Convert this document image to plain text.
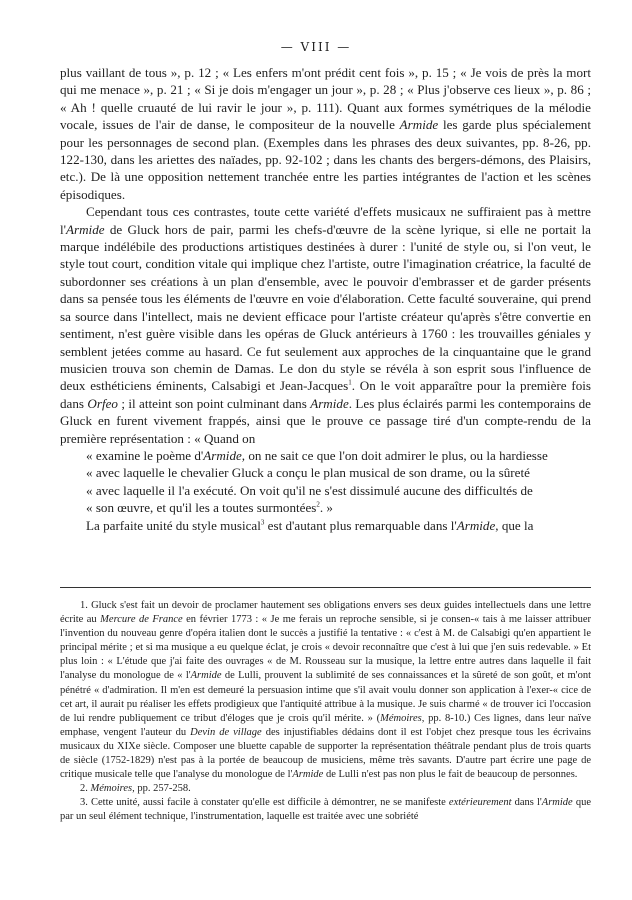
— VIII —

plus vaillant de tous », p. 12 ; « Les enfers m'ont prédit cent fois », p. 15 ; « Je vois de près la mort qui me menace », p. 21 ; « Si je dois m'engager un jour », p. 28 ; « Plus j'observe ces lieux », p. 86 ; « Ah ! quelle cruauté de lui ravir le jour », p. 111). Quant aux formes symétriques de la mélodie vocale, issues de l'air de danse, le compositeur de la nouvelle Armide les garde plus spécialement pour les personnages de second plan. (Exemples dans les phrases des deux suivantes, pp. 8-26, pp. 122-130, dans les ariettes des naïades, pp. 92-102 ; dans les chants des bergers-démons, des Plaisirs, etc.). De là une opposition nettement tranchée entre les parties intégrantes de l'action et les scènes épisodiques.

Cependant tous ces contrastes, toute cette variété d'effets musicaux ne suffiraient pas à mettre l'Armide de Gluck hors de pair, parmi les chefs-d'œuvre de la scène lyrique, si elle ne portait la marque indélébile des productions artistiques destinées à durer : l'unité de style ou, si l'on veut, le style tout court, condition vitale qui implique chez l'artiste, outre l'imagination créatrice, la faculté de subordonner ses créations à un plan d'ensemble, avec le pouvoir d'embrasser et de garder présents dans sa pensée tous les éléments de l'œuvre en voie d'élaboration. Cette faculté souveraine, qui prend sa source dans l'intellect, mais ne devient efficace pour l'artiste créateur qu'après s'être convertie en sentiment, n'est guère visible dans les opéras de Gluck antérieurs à 1760 : les trouvailles géniales y semblent jetées comme au hasard. Ce fut seulement aux approches de la cinquantaine que le grand musicien trouva son chemin de Damas. Le don du style se révéla à son esprit sous l'influence de deux esthéticiens éminents, Calsabigi et Jean-Jacques$^1$. On le voit apparaître pour la première fois dans Orfeo ; il atteint son point culminant dans Armide. Les plus éclairés parmi les contemporains de Gluck en furent vivement frappés, ainsi que le prouve ce passage tiré d'un compte-rendu de la première représentation : « Quand on
« examine le poème d'Armide, on ne sait ce que l'on doit admirer le plus, ou la hardiesse
« avec laquelle le chevalier Gluck a conçu le plan musical de son drame, ou la sûreté
« avec laquelle il l'a exécuté. On voit qu'il ne s'est dissimulé aucune des difficultés de
« son œuvre, et qu'il les a toutes surmontées$^2$. »

La parfaite unité du style musical$^3$ est d'autant plus remarquable dans l'Armide, que la

1. Gluck s'est fait un devoir de proclamer hautement ses obligations envers ses deux guides intellectuels dans une lettre écrite au Mercure de France en février 1773 : « Je me ferais un reproche sensible, si je consen-« tais à me laisser attribuer l'invention du nouveau genre d'opéra italien dont le succès a justifié la tentative : « c'est à M. de Calsabigi qu'en appartient le principal mérite ; et si ma musique a eu quelque éclat, je crois « devoir reconnaître que c'est à lui que j'en suis redevable. » Et plus loin : « L'étude que j'ai faite des ouvrages « de M. Rousseau sur la musique, la lettre entre autres dans laquelle il fait l'analyse du monologue de « l'Armide de Lulli, prouvent la sublimité de ses connaissances et la sûreté de son goût, et m'ont pénétré « d'admiration. Il m'en est demeuré la persuasion intime que s'il avait voulu donner son application à l'exer-« cice de cet art, il aurait pu réaliser les effets prodigieux que l'antiquité attribue à la musique. Je suis charmé « de trouver ici l'occasion de lui rendre publiquement ce tribut d'éloges que je crois qu'il mérite. » (Mémoires, pp. 8-10.) Ces lignes, dans leur naïve emphase, vengent l'auteur du Devin de village des injustifiables dédains dont il est l'objet chez presque tous les écrivains musicaux du XIXe siècle. Composer une bluette capable de supporter la représentation théâtrale pendant plus de trois quarts de siècle (1752-1829) n'est pas à la portée de beaucoup de musiciens, même très savants. D'autre part écrire une page de critique musicale telle que l'analyse du monologue de l'Armide de Lulli n'est pas non plus le fait de beaucoup de personnes.

2. Mémoires, pp. 257-258.

3. Cette unité, aussi facile à constater qu'elle est difficile à démontrer, ne se manifeste extérieurement dans l'Armide que par un seul élément technique, l'instrumentation, laquelle est traitée avec une sobriété
